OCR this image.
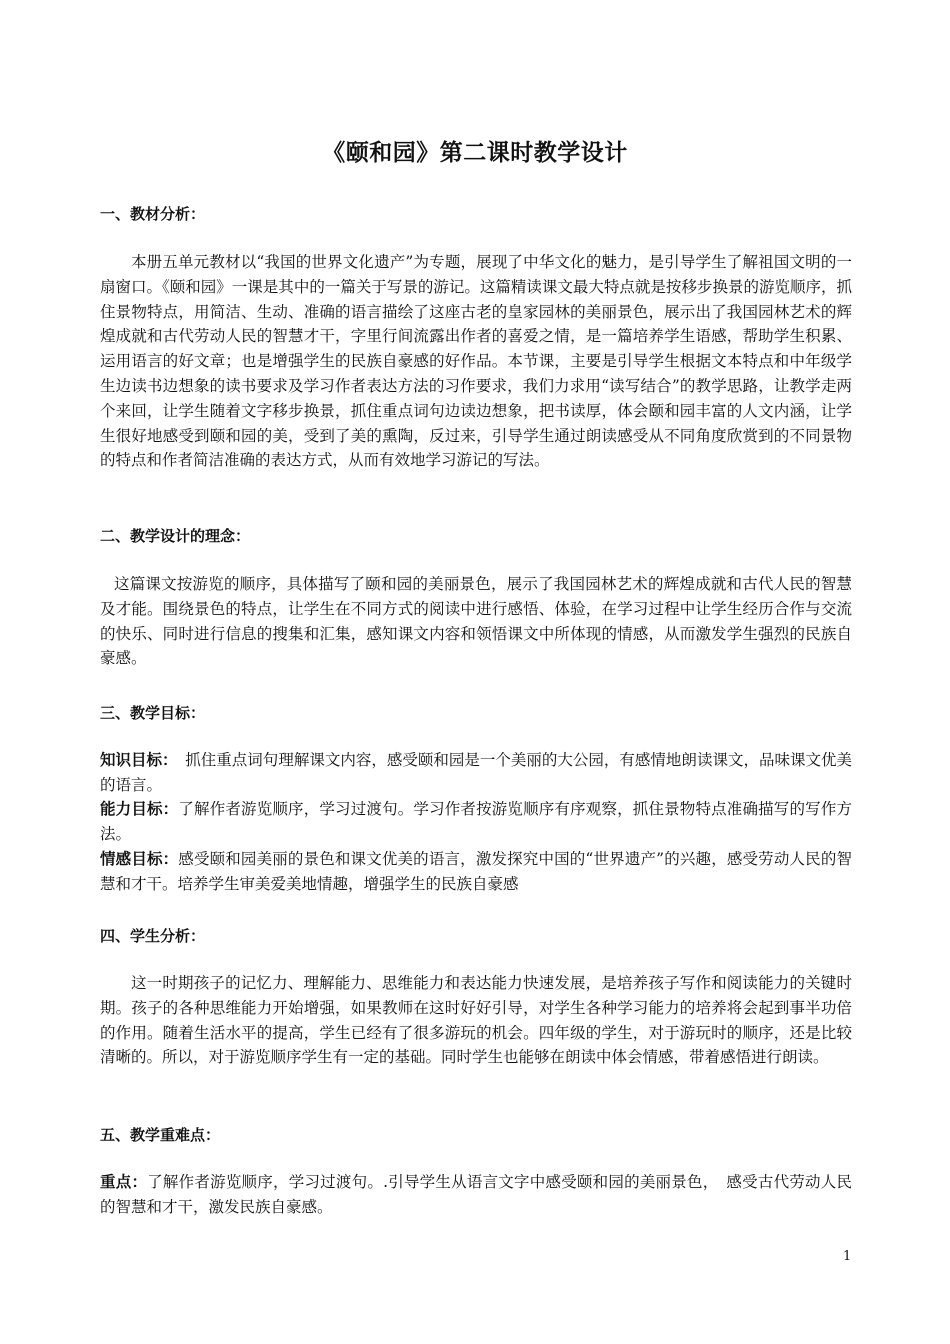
《颐和园》第二课时教学设计
一、教材分析：
本册五单元教材以“我国的世界文化遗产”为专题，展现了中华文化的魅力，是引导学生了解祖国文明的一扇窗口。《颐和园》一课是其中的一篇关于写景的游记。这篇精读课文最大特点就是按移步换景的游览顺序，抓住景物特点，用简洁、生动、准确的语言描绘了这座古老的皇家园林的美丽景色，展示出了我国园林艺术的辉煌成就和古代劳动人民的智慧才干，字里行间流露出作者的喜爱之情，是一篇培养学生语感，帮助学生积累、运用语言的好文章；也是增强学生的民族自豪感的好作品。本节课，主要是引导学生根据文本特点和中年级学生边读书边想象的读书要求及学习作者表达方法的习作要求，我们力求用“读写结合”的教学思路，让教学走两个来回，让学生随着文字移步换景，抓住重点词句边读边想象，把书读厚，体会颐和园丰富的人文内涵，让学生很好地感受到颐和园的美，受到了美的熏陶，反过来，引导学生通过朗读感受从不同角度欣赏到的不同景物的特点和作者简洁准确的表达方式，从而有效地学习游记的写法。
二、教学设计的理念：
这篇课文按游览的顺序，具体描写了颐和园的美丽景色，展示了我国园林艺术的辉煌成就和古代人民的智慧及才能。围绕景色的特点，让学生在不同方式的阅读中进行感悟、体验，在学习过程中让学生经历合作与交流的快乐、同时进行信息的搜集和汇集，感知课文内容和领悟课文中所体现的情感，从而激发学生强烈的民族自豪感。
三、教学目标：
知识目标：　抓住重点词句理解课文内容，感受颐和园是一个美丽的大公园，有感情地朗读课文，品味课文优美的语言。
能力目标：了解作者游览顺序，学习过渡句。学习作者按游览顺序有序观察，抓住景物特点准确描写的写作方法。
情感目标：感受颐和园美丽的景色和课文优美的语言，激发探究中国的“世界遗产”的兴趣，感受劳动人民的智慧和才干。培养学生审美爱美地情趣，增强学生的民族自豪感
四、学生分析：
这一时期孩子的记忆力、理解能力、思维能力和表达能力快速发展，是培养孩子写作和阅读能力的关键时期。孩子的各种思维能力开始增强，如果教师在这时好好引导，对学生各种学习能力的培养将会起到事半功倍的作用。随着生活水平的提高，学生已经有了很多游玩的机会。四年级的学生，对于游玩时的顺序，还是比较清晰的。所以，对于游览顺序学生有一定的基础。同时学生也能够在朗读中体会情感，带着感悟进行朗读。
五、教学重难点：
重点：了解作者游览顺序，学习过渡句。.引导学生从语言文字中感受颐和园的美丽景色，　感受古代劳动人民的智慧和才干，激发民族自豪感。
1
